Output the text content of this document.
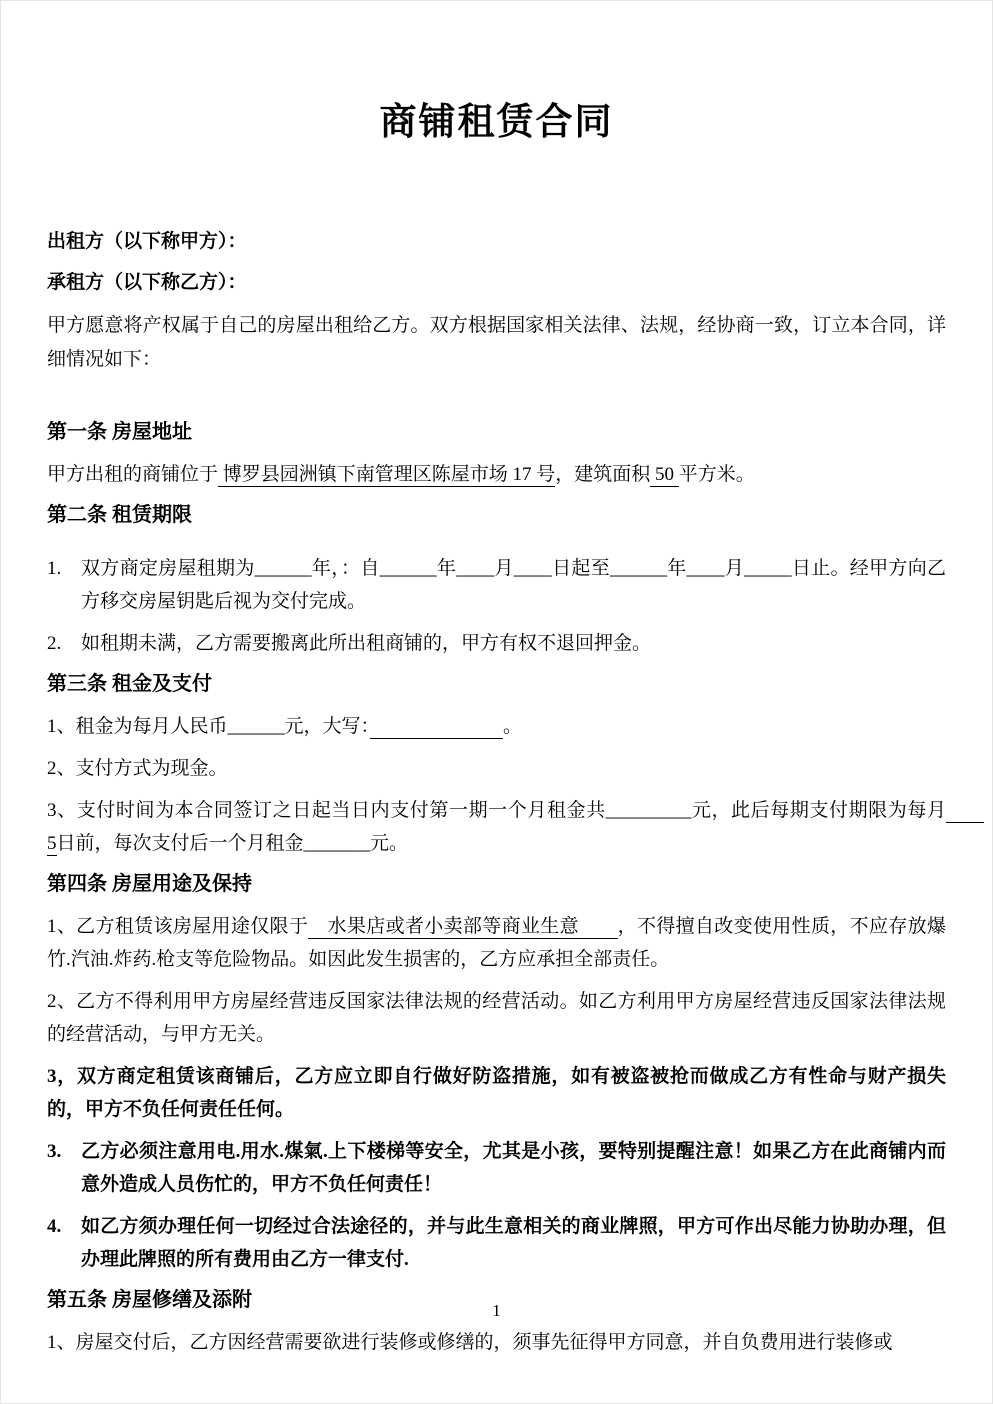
商铺租赁合同

出租方（以下称甲方）：

承租方（以下称乙方）：

甲方愿意将产权属于自己的房屋出租给乙方。双方根据国家相关法律、法规，经协商一致，订立本合同，详细情况如下：

第一条 房屋地址
甲方出租的商铺位于 博罗县园洲镇下南管理区陈屋市场 17 号，建筑面积 50 平方米。
第二条 租赁期限
1.	双方商定房屋租期为______年，：自______年____月____日起至______年____月_____日止。经甲方向乙方移交房屋钥匙后视为交付完成。
2.	如租期未满，乙方需要搬离此所出租商铺的，甲方有权不退回押金。
第三条 租金及支付
1、租金为每月人民币______元，大写：　　　　　　　	。
2、支付方式为现金。
3、支付时间为本合同签订之日起当日内支付第一期一个月租金共_________元，此后每期支付期限为每月　　5日前，每次支付后一个月租金_______元。
第四条 房屋用途及保持
1、乙方租赁该房屋用途仅限于　水果店或者小卖部等商业生意　　，不得擅自改变使用性质，不应存放爆竹.汽油.炸药.枪支等危险物品。如因此发生损害的，乙方应承担全部责任。
2、乙方不得利用甲方房屋经营违反国家法律法规的经营活动。如乙方利用甲方房屋经营违反国家法律法规的经营活动，与甲方无关。
3，双方商定租赁该商铺后，乙方应立即自行做好防盗措施，如有被盗被抢而做成乙方有性命与财产损失的，甲方不负任何责任任何。
3.	乙方必须注意用电.用水.煤氣.上下楼梯等安全，尤其是小孩，要特别提醒注意！如果乙方在此商铺内而意外造成人员伤忙的，甲方不负任何责任！
4.	如乙方须办理任何一切经过合法途径的，并与此生意相关的商业牌照，甲方可作出尽能力协助办理，但办理此牌照的所有费用由乙方一律支付.
第五条 房屋修缮及添附
1、房屋交付后，乙方因经营需要欲进行装修或修缮的，须事先征得甲方同意，并自负费用进行装修或
1
